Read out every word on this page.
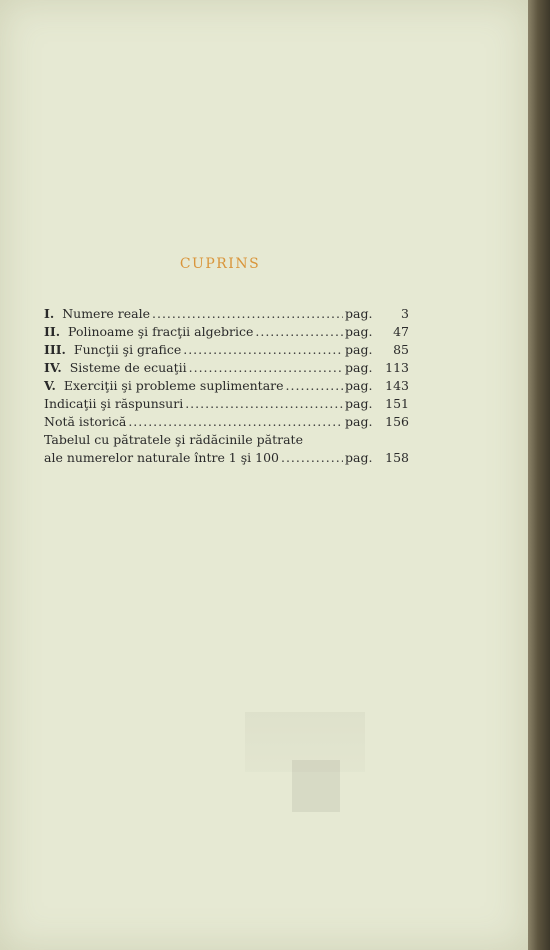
CUPRINS
I. Numere reale .....	pag.	3
II. Polinoame şi fracţii algebrice .....	pag.	47
III. Funcţii şi grafice .....	pag.	85
IV. Sisteme de ecuaţii .....	pag.	113
V. Exerciţii şi probleme suplimentare .....	pag.	143
Indicaţii şi răspunsuri .....	pag.	151
Notă istorică .....	pag.	156
Tabelul cu pătratele şi rădăcinile pătrate
ale numerelor naturale între 1 şi 100 .....	pag.	158
